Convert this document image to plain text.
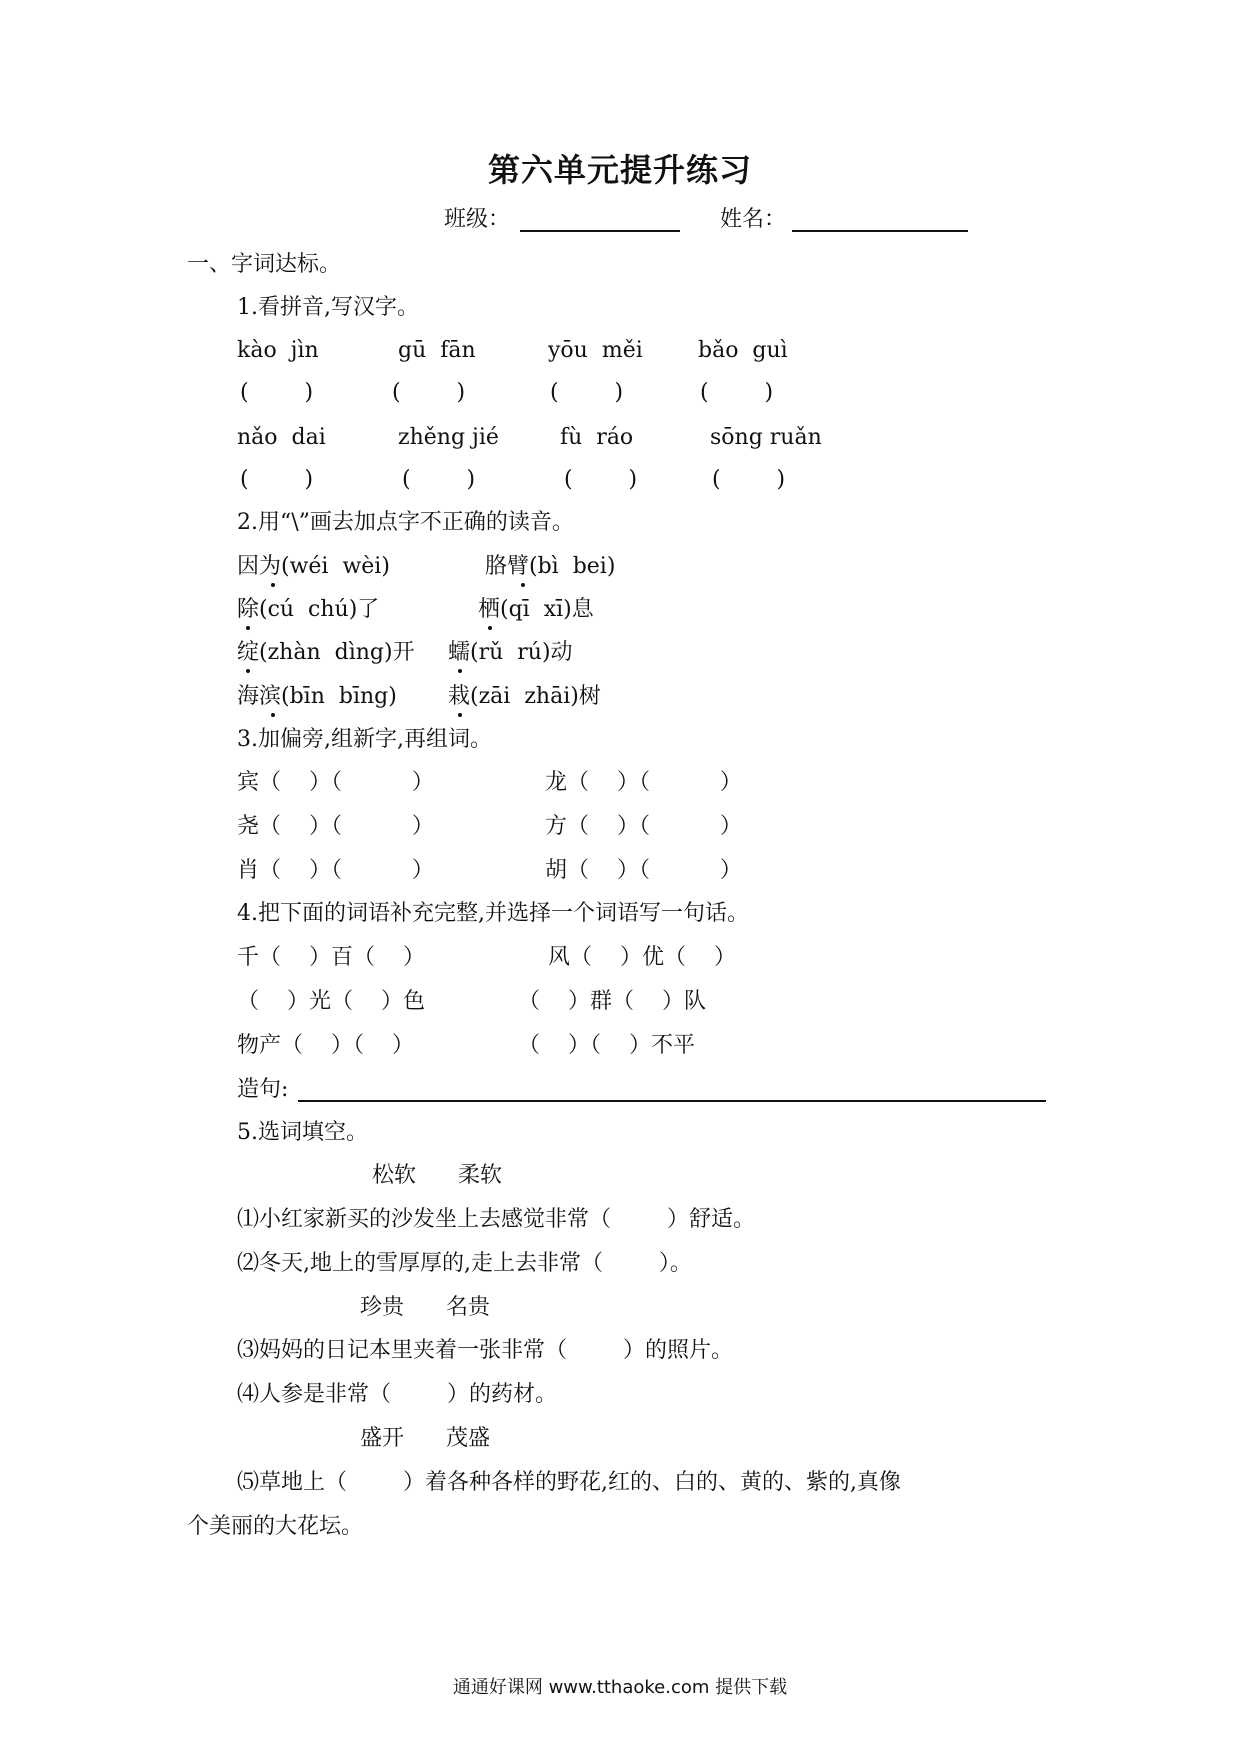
第六单元提升练习
班级：	姓名：
一、字词达标。
1.看拼音,写汉字。
kào  jìn	gū  fān	yōu  měi	bǎo  guì
(        )	(        )	(        )	(        )
nǎo  dai	zhěng jié	fù  ráo	sōng ruǎn
(        )	(        )	(        )	(        )
2.用“\”画去加点字不正确的读音。
因为(wéi  wèi)	胳臂(bì  bei)
除(cú  chú)了	栖(qī  xī)息
绽(zhàn  dìng)开 蠕(rǔ  rú)动
海滨(bīn  bīng) 栽(zāi  zhāi)树
3.加偏旁,组新字,再组词。
宾（    ）（          ）	龙（    ）（          ）
尧（    ）（          ）	方（    ）（          ）
肖（    ）（          ）	胡（    ）（          ）
4.把下面的词语补充完整,并选择一个词语写一句话。
千（    ）百（    ）	风（    ）优（    ）
（    ）光（    ）色	（    ）群（    ）队
物产（    ）（    ）	（    ）（    ）不平
造句:
5.选词填空。
松软      柔软
⑴小红家新买的沙发坐上去感觉非常（        ）舒适。
⑵冬天,地上的雪厚厚的,走上去非常（        ）。
珍贵      名贵
⑶妈妈的日记本里夹着一张非常（        ）的照片。
⑷人参是非常（        ）的药材。
盛开      茂盛
⑸草地上（        ）着各种各样的野花,红的、白的、黄的、紫的,真像
个美丽的大花坛。
通通好课网 www.tthaoke.com 提供下载
